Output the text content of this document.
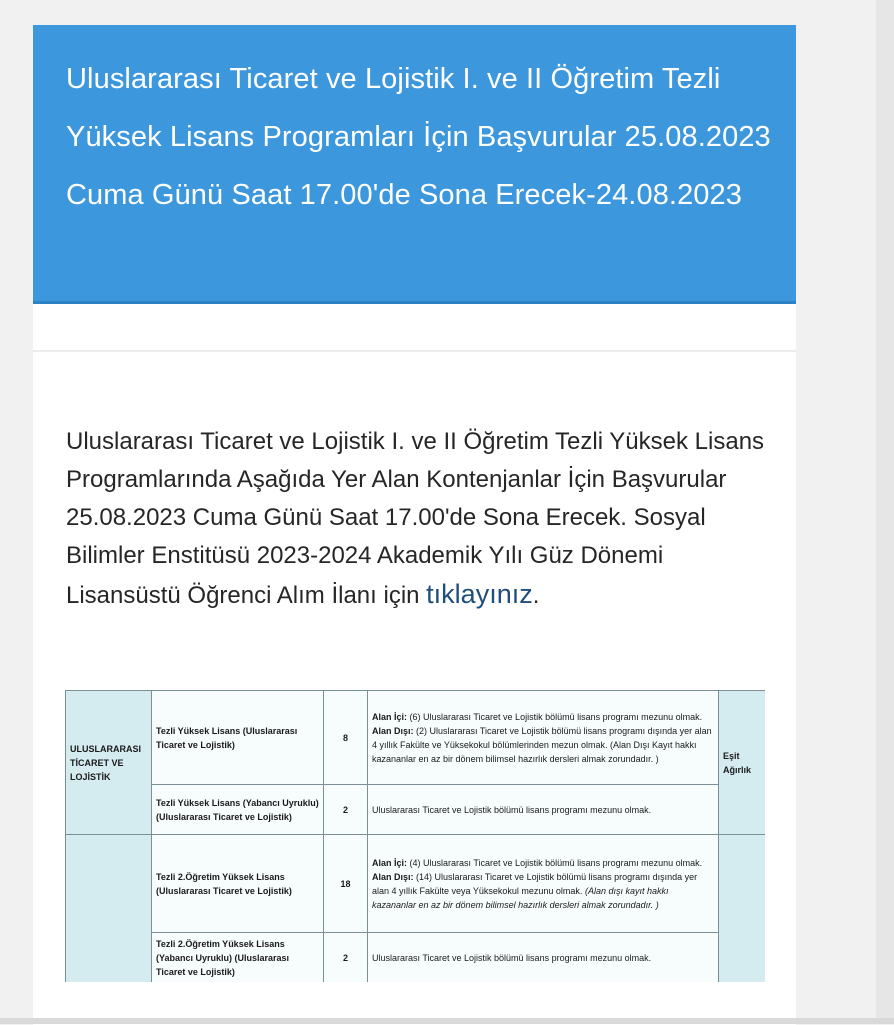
Uluslararası Ticaret ve Lojistik I. ve II Öğretim Tezli Yüksek Lisans Programları İçin Başvurular 25.08.2023 Cuma Günü Saat 17.00'de Sona Erecek-24.08.2023

Uluslararası Ticaret ve Lojistik I. ve II Öğretim Tezli Yüksek Lisans Programlarında Aşağıda Yer Alan Kontenjanlar İçin Başvurular 25.08.2023 Cuma Günü Saat 17.00'de Sona Erecek. Sosyal Bilimler Enstitüsü 2023-2024 Akademik Yılı Güz Dönemi Lisansüstü Öğrenci Alım İlanı için tıklayınız.

ULUSLARARASI TİCARET VE LOJİSTİK	Tezli Yüksek Lisans (Uluslararası Ticaret ve Lojistik)	8	Alan İçi: (6) Uluslararası Ticaret ve Lojistik bölümü lisans programı mezunu olmak.
Alan Dışı: (2) Uluslararası Ticaret ve Lojistik bölümü lisans programı dışında yer alan 4 yıllık Fakülte ve Yüksekokul bölümlerinden mezun olmak. (Alan Dışı Kayıt hakkı kazananlar en az bir dönem bilimsel hazırlık dersleri almak zorundadır. )	Eşit Ağırlık
	Tezli Yüksek Lisans (Yabancı Uyruklu) (Uluslararası Ticaret ve Lojistik)	2	Uluslararası Ticaret ve Lojistik bölümü lisans programı mezunu olmak.	
	Tezli 2.Öğretim Yüksek Lisans (Uluslararası Ticaret ve Lojistik)	18	Alan İçi: (4) Uluslararası Ticaret ve Lojistik bölümü lisans programı mezunu olmak.
Alan Dışı: (14) Uluslararası Ticaret ve Lojistik bölümü lisans programı dışında yer alan 4 yıllık Fakülte veya Yüksekokul mezunu olmak. (Alan dışı kayıt hakkı kazananlar en az bir dönem bilimsel hazırlık dersleri almak zorundadır. )	
	Tezli 2.Öğretim Yüksek Lisans (Yabancı Uyruklu) (Uluslararası Ticaret ve Lojistik)	2	Uluslararası Ticaret ve Lojistik bölümü lisans programı mezunu olmak.	
